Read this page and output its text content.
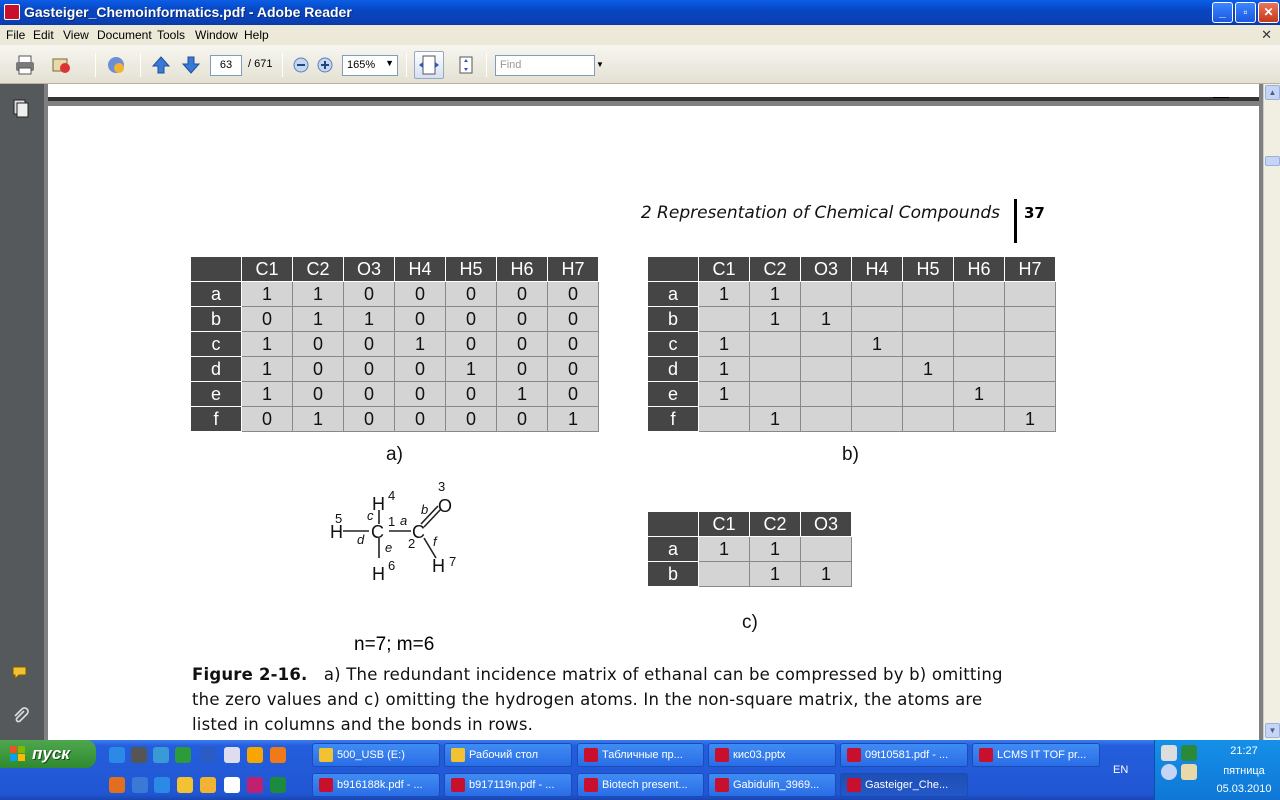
Gasteiger_Chemoinformatics.pdf - Adobe Reader	_	▫	✕
File Edit View Document Tools Window Help	✕
63	/ 671	165% ▼	Find	▼
2 Representation of Chemical Compounds 37
	C1	C2	O3	H4	H5	H6	H7
a	1	1	0	0	0	0	0
b	0	1	1	0	0	0	0
c	1	0	0	1	0	0	0
d	1	0	0	0	1	0	0
e	1	0	0	0	0	1	0
f	0	1	0	0	0	0	1
a)
	C1	C2	O3	H4	H5	H6	H7
a	1	1					
b		1	1				
c	1			1			
d	1				1		
e	1					1	
f		1					1
b)
	C1	C2	O3
a	1	1	
b		1	1
c)
H
H
C C
O
H	H
4
5
6	7
3
1
2
a
b
c
d
e	f
n=7; m=6
Figure 2-16. a) The redundant incidence matrix of ethanal can be compressed by b) omitting the zero values and c) omitting the hydrogen atoms. In the non-square matrix, the atoms are listed in columns and the bonds in rows.
▲
▼
пуск	500_USB (E:)	Рабочий стол	Табличные пр...	кис03.pptx	09t10581.pdf - ...	LCMS IT TOF pr...
b916188k.pdf - ...	b917119n.pdf - ...	Biotech present...	Gabidulin_3969...	Gasteiger_Che...
EN
21:27
пятница
05.03.2010
